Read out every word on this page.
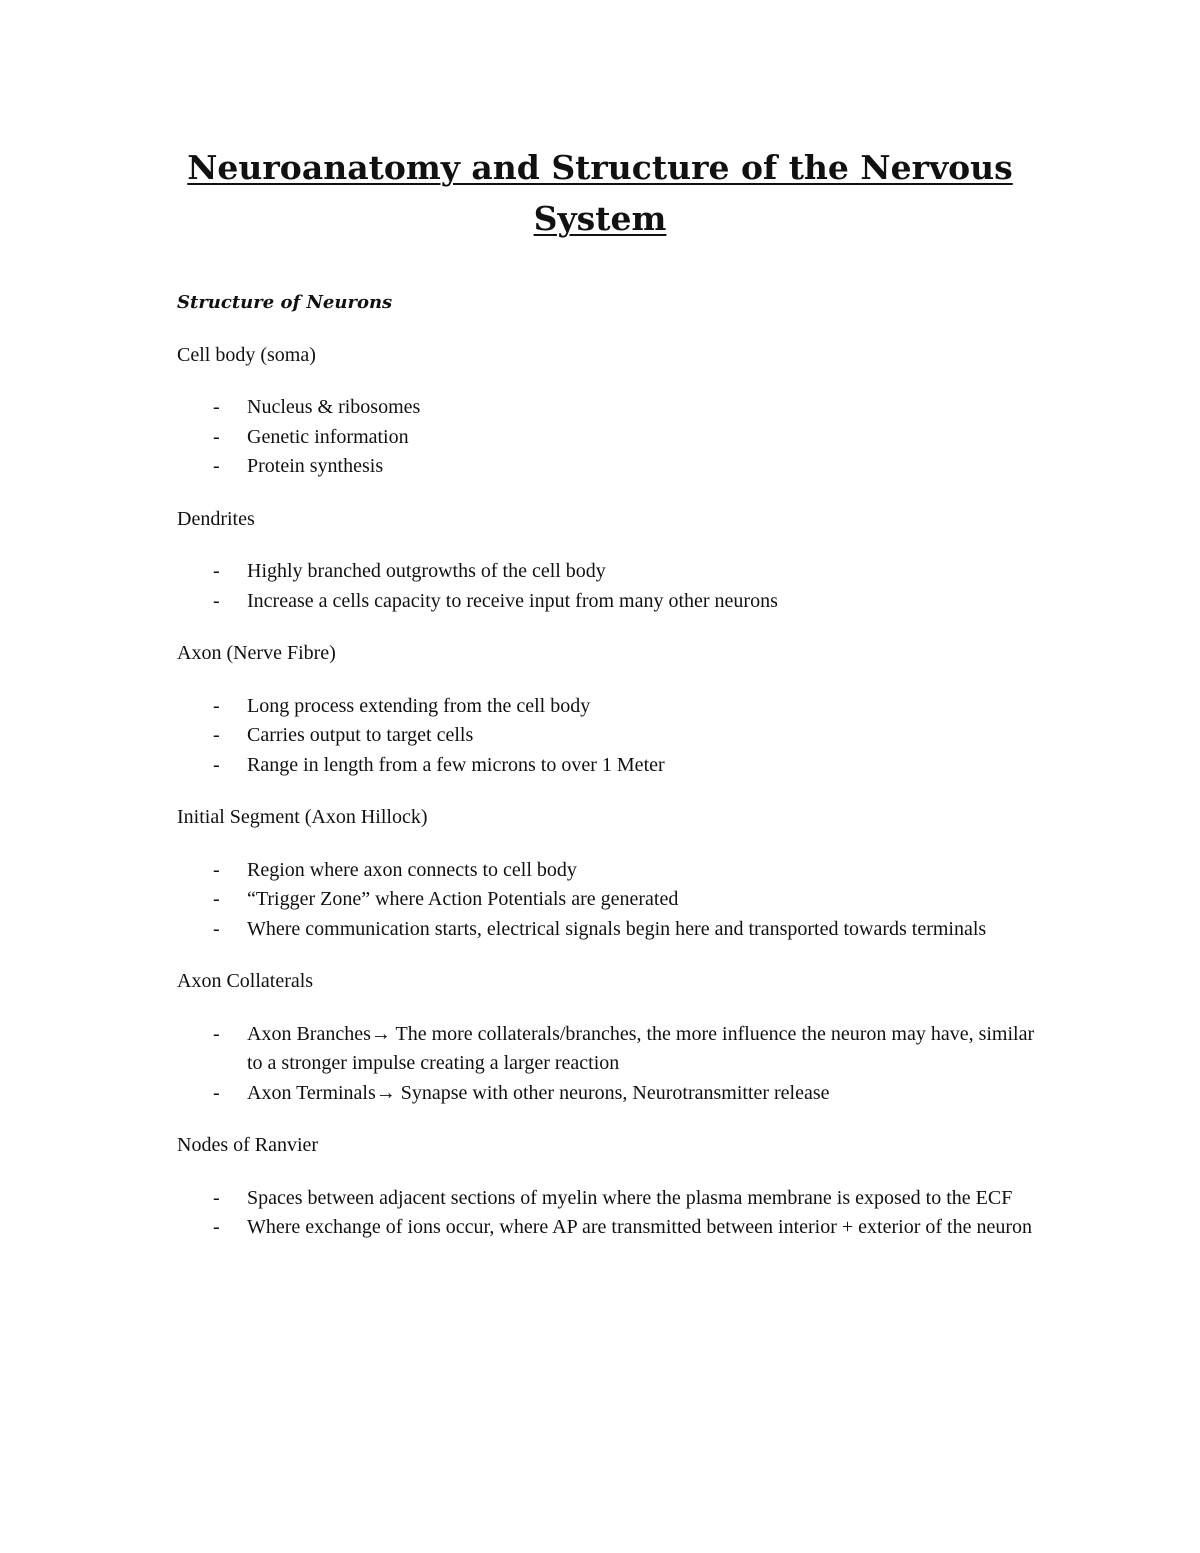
Neuroanatomy and Structure of the Nervous System

Structure of Neurons

Cell body (soma)

- Nucleus & ribosomes
- Genetic information
- Protein synthesis

Dendrites

- Highly branched outgrowths of the cell body
- Increase a cells capacity to receive input from many other neurons

Axon (Nerve Fibre)

- Long process extending from the cell body
- Carries output to target cells
- Range in length from a few microns to over 1 Meter

Initial Segment (Axon Hillock)

- Region where axon connects to cell body
- “Trigger Zone” where Action Potentials are generated
- Where communication starts, electrical signals begin here and transported towards terminals

Axon Collaterals

- Axon Branches→ The more collaterals/branches, the more influence the neuron may have, similar to a stronger impulse creating a larger reaction
- Axon Terminals→ Synapse with other neurons, Neurotransmitter release

Nodes of Ranvier

- Spaces between adjacent sections of myelin where the plasma membrane is exposed to the ECF
- Where exchange of ions occur, where AP are transmitted between interior + exterior of the neuron
